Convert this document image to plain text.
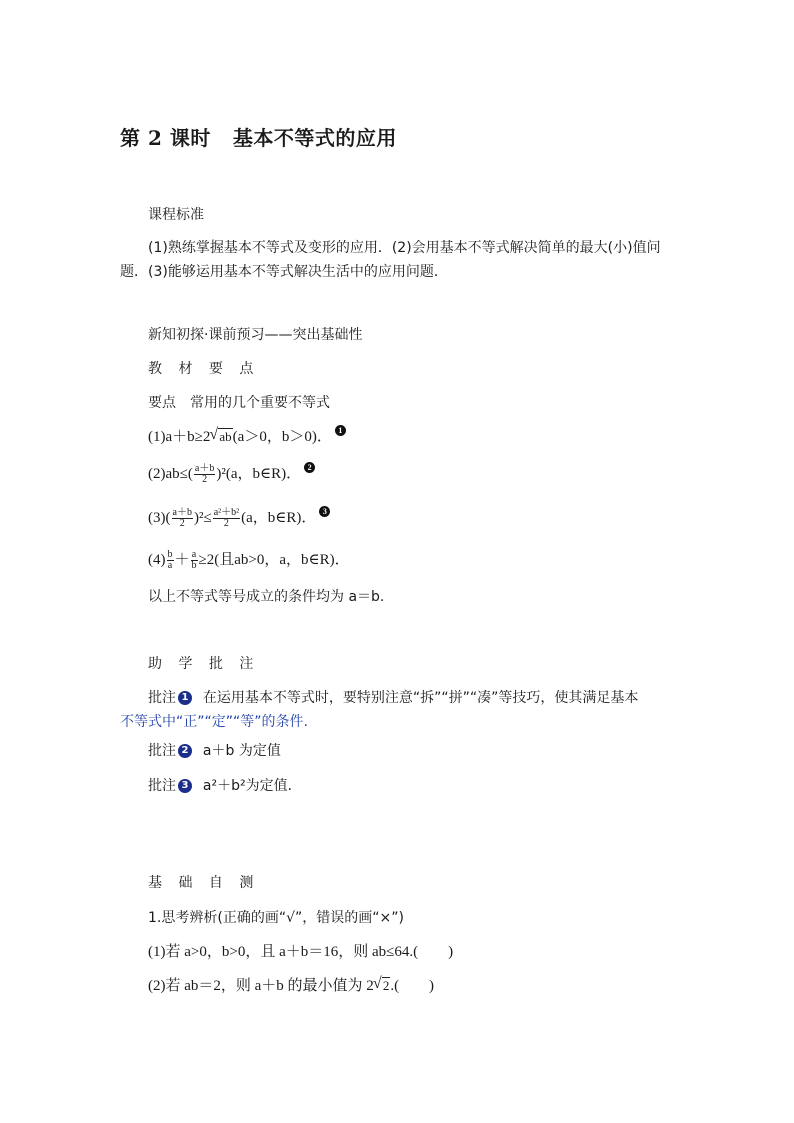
第 2 课时 基本不等式的应用
课程标准
(1)熟练掌握基本不等式及变形的应用．(2)会用基本不等式解决简单的最大(小)值问题．(3)能够运用基本不等式解决生活中的应用问题．
新知初探·课前预习——突出基础性
教 材 要 点
要点　常用的几个重要不等式
(1)a＋b≥2 √ ab(a＞0，b＞0)． 1
$(2)ab\le( \frac{a+b}{2} )^2(a$，b∈R)． 2
$(3)( \frac{a+b}{2} )^2\le \frac{\text{a²＋b²}}{2} (a$，b∈R)． 3
$(4) \frac{b}{a} + \frac{a}{b} \ge 2$(且ab>0，a，b∈R)．
以上不等式等号成立的条件均为 a＝b.
助 学 批 注
批注 1 在运用基本不等式时，要特别注意“拆”“拼”“凑”等技巧，使其满足基本
不等式中“正”“定”“等”的条件.
批注 2 a＋b 为定值
批注 3 a²＋b²为定值．
基 础 自 测
1.思考辨析(正确的画“√”，错误的画“×”)
(1)若 a>0，b>0，且 a＋b＝16，则 ab≤64.(　　)
(2)若 ab＝2，则 a＋b 的最小值为 2 √ 2.(　　)
